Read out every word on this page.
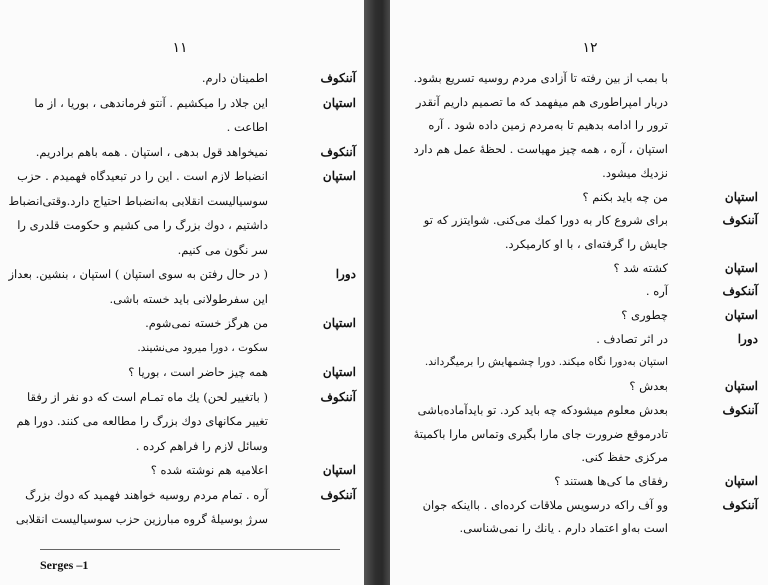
۱۱
آننکوف
اطمینان دارم.
استپان
این جلاد را میکشیم . آنتو فرماندهی ، بوریا ، از ما
اطاعت .
آننکوف
نمیخواهد قول بدهی ، استپان . همه باهم برادریم.
استپان
انضباط لازم است . این را در تبعیدگاه فهمیدم . حزب
سوسیالیست انقلابی به‌انضباط احتیاج دارد.وقتی‌انضباط
داشتیم ، دوك بزرگ را می کشیم و حکومت قلدری را
سر نگون می کنیم.
دورا
( در حال رفتن به سوی استپان ) استپان ، بنشین. بعداز
این سفرطولانی باید خسته باشی.
استپان
من هرگز خسته نمی‌شوم.
سکوت ، دورا میرود می‌نشیند.
استپان
همه چیز حاضر است ، بوریا ؟
آننکوف
( باتغییر لحن) يك ماه تمـام است كه دو نفر از رفقا
تغییر مکانهای دوك بزرگ را مطالعه می کنند. دورا هم
وسائل لازم را فراهم کرده .
استپان
اعلامیه هم نوشته شده ؟
آننکوف
آره . تمام مردم روسیه خواهند فهمید که دوك بزرگ
سرژ بوسیلهٔ گروه مبارزین حزب سوسیالیست انقلابی
Serges –1
۱۲
با بمب از بین رفته تا آزادی مردم روسیه تسریع بشود.
دربار امپراطوری هم میفهمد که ما تصمیم داریم آنقدر
ترور را ادامه بدهیم تا بەمردم زمین داده شود . آره
استپان ، آره ، همه چیز مهیاست . لحظهٔ عمل هم دارد
نزدیك میشود.
استپان
من چه باید بکنم ؟
آننکوف
برای شروع کار به دورا کمك می‌کنی. شوایتزر که تو
جایش را گرفته‌ای ، با او کارمیکرد.
استپان
کشته شد ؟
آننکوف
آره .
استپان
چطوری ؟
دورا
در اثر تصادف .
استپان بەدورا نگاه میکند. دورا چشمهایش را برمیگرداند.
استپان
بعدش ؟
آننکوف
بعدش معلوم میشودکه چه باید کرد. تو بایدآماده‌باشی
تادرموقع ضرورت جای مارا بگیری وتماس مارا باکمیتهٔ
مرکزی حفظ کنی.
استپان
رفقای ما کی‌ها هستند ؟
آننکوف
وو آف راکه درسویس ملاقات کرده‌ای . بااینکه جوان
است بەاو اعتماد دارم . یانك را نمی‌شناسی.
